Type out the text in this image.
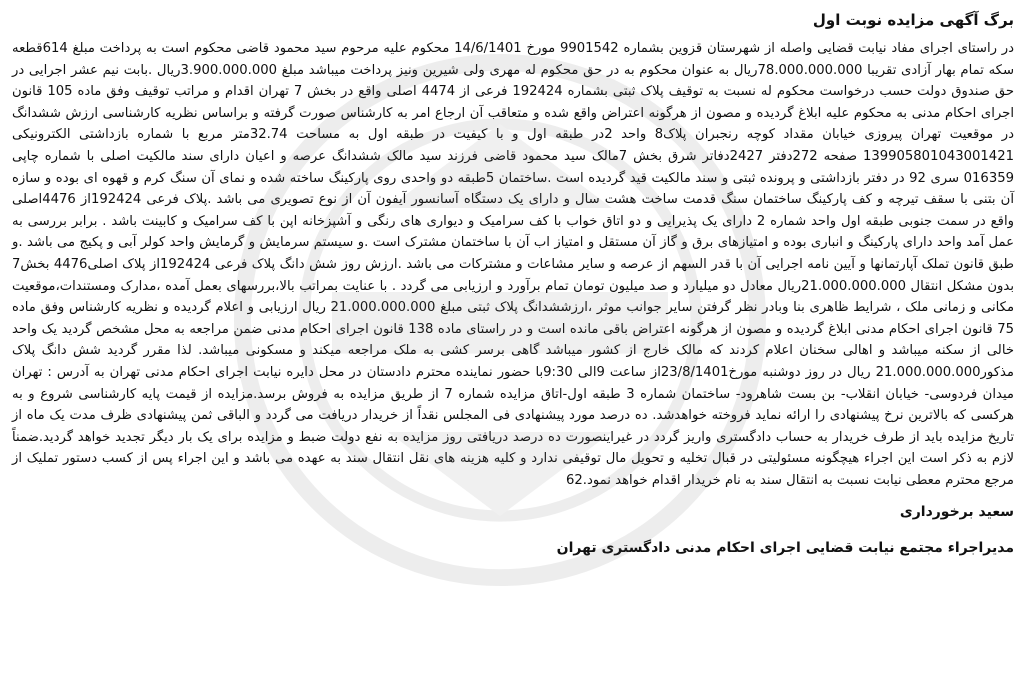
برگ آگهی مزایده نوبت اول

در راستای اجرای مفاد نیابت قضایی واصله از شهرستان قزوین بشماره 9901542 مورخ 14/6/1401 محکوم علیه مرحوم سید محمود قاضی محکوم است به پرداخت مبلغ 614قطعه سکه تمام بهار آزادی تقریبا 78.000.000.000ریال به عنوان محکوم به در حق محکوم له مهری ولی شیرین ونیز پرداخت میباشد مبلغ 3.900.000.000ریال .بابت نیم عشر اجرایی در حق صندوق دولت حسب درخواست محکوم له نسبت به توقیف پلاک ثبتی بشماره 192424 فرعی از 4474 اصلی واقع در بخش 7 تهران اقدام و مراتب توقیف وفق ماده 105 قانون اجرای احکام مدنی به محکوم علیه ابلاغ گردیده و مصون از هرگونه اعتراض واقع شده و متعاقب آن ارجاع امر به کارشناس صورت گرفته و براساس نظریه کارشناسی ارزش ششدانگ در موقعیت تهران پیروزی خیابان مقداد کوچه رنجبران پلاک8 واحد 2در طبقه اول و با کیفیت در طبقه اول به مساحت 32.74متر مربع با شماره بازداشتی الکترونیکی 139905801043001421 صفحه 272دفتر 2427دفاتر شرق بخش 7مالک سید محمود قاضی فرزند سید مالک ششدانگ عرصه و اعیان دارای سند مالکیت اصلی با شماره چاپی 016359 سری 92 در دفتر بازداشتی و پرونده ثبتی و سند مالکیت قید گردیده است .ساختمان 5طبقه دو واحدی روی پارکینگ ساخته شده و نمای آن سنگ کرم و قهوه ای بوده و سازه آن بتنی با سقف تیرچه و کف پارکینگ ساختمان سنگ قدمت ساخت هشت سال و دارای یک دستگاه آسانسور آیفون آن از نوع تصویری می باشد .پلاک فرعی 192424از 4476اصلی واقع در سمت جنوبی طبقه اول واحد شماره 2 دارای یک پذیرایی و دو اتاق خواب با کف سرامیک و دیواری های رنگی و آشپزخانه اپن با کف سرامیک و کابینت باشد . برابر بررسی به عمل آمد واحد دارای پارکینگ و انباری بوده و امتیازهای برق و گاز آن مستقل و امتیاز اب آن با ساختمان مشترک است .و سیستم سرمایش و گرمایش واحد کولر آبی و پکیج می باشد .و طبق قانون تملک آپارتمانها و آیین نامه اجرایی آن با قدر السهم از عرصه و سایر مشاعات و مشترکات می باشد .ارزش روز شش دانگ پلاک فرعی 192424از پلاک اصلی4476 بخش7 بدون مشکل انتقال 21.000.000.000ریال معادل دو میلیارد و صد میلیون تومان تمام برآورد و ارزیابی می گردد . با عنایت بمراتب بالا،بررسهای بعمل آمده ،مدارک ومستندات،موقعیت مکانی و زمانی ملک ، شرایط ظاهری بنا وبادر نظر گرفتن سایر جوانب موثر ،ارزششدانگ پلاک ثبتی مبلغ 21.000.000.000 ریال ارزیابی و اعلام گردیده و نظریه کارشناس وفق ماده 75 قانون اجرای احکام مدنی ابلاغ گردیده و مصون از هرگونه اعتراض باقی مانده است و در راستای ماده 138 قانون اجرای احکام مدنی ضمن مراجعه به محل مشخص گردید یک واحد خالی از سکنه میباشد و اهالی سخنان اعلام کردند که مالک خارج از کشور میباشد گاهی برسر کشی به ملک مراجعه میکند و مسکونی میباشد. لذا مقرر گردید شش دانگ پلاک مذکور21.000.000.000 ریال در روز دوشنبه مورخ23/8/1401از ساعت 9الی 9:30با حضور نماینده محترم دادستان در محل دایره نیابت اجرای احکام مدنی تهران به آدرس : تهران میدان فردوسی- خیابان انقلاب- بن بست شاهرود- ساختمان شماره 3 طبقه اول-اتاق مزایده شماره 7 از طریق مزایده به فروش برسد.مزایده از قیمت پایه کارشناسی شروع و به هرکسی که بالاترین نرخ پیشنهادی را ارائه نماید فروخته خواهدشد. ده درصد مورد پیشنهادی فی المجلس نقداً از خریدار دریافت می گردد و الباقی ثمن پیشنهادی ظرف مدت یک ماه از تاریخ مزایده باید از طرف خریدار به حساب دادگستری واریز گردد در غیراینصورت ده درصد دریافتی روز مزایده به نفع دولت ضبط و مزایده برای یک بار دیگر تجدید خواهد گردید.ضمناً لازم به ذکر است این اجراء هیچگونه مسئولیتی در قبال تخلیه و تحویل مال توقیفی ندارد و کلیه هزینه های نقل انتقال سند به عهده می باشد و این اجراء پس از کسب دستور تملیک از مرجع محترم معطی نیابت نسبت به انتقال سند به نام خریدار اقدام خواهد نمود.62

سعید برخورداری
مدیراجراء مجتمع نیابت قضایی اجرای احکام مدنی دادگستری تهران
